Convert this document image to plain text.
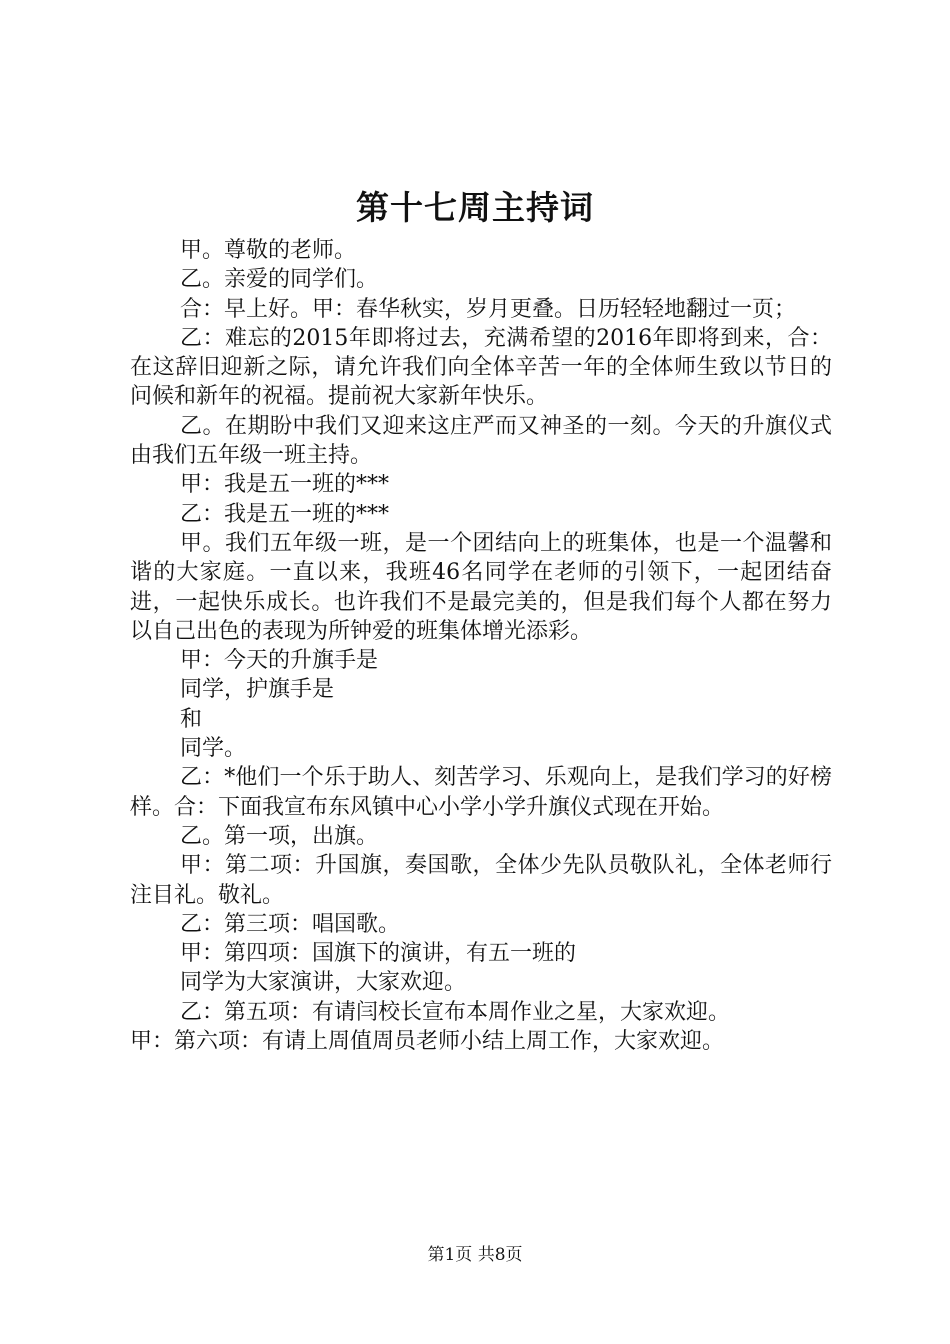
第十七周主持词

甲。尊敬的老师。

乙。亲爱的同学们。

合：早上好。甲：春华秋实，岁月更叠。日历轻轻地翻过一页；

乙：难忘的2015年即将过去，充满希望的2016年即将到来，合：在这辞旧迎新之际，请允许我们向全体辛苦一年的全体师生致以节日的问候和新年的祝福。提前祝大家新年快乐。

乙。在期盼中我们又迎来这庄严而又神圣的一刻。今天的升旗仪式由我们五年级一班主持。

甲：我是五一班的***

乙：我是五一班的***

甲。我们五年级一班，是一个团结向上的班集体，也是一个温馨和谐的大家庭。一直以来，我班46名同学在老师的引领下，一起团结奋进，一起快乐成长。也许我们不是最完美的，但是我们每个人都在努力以自己出色的表现为所钟爱的班集体增光添彩。

甲：今天的升旗手是

同学，护旗手是

和

同学。

乙：*他们一个乐于助人、刻苦学习、乐观向上，是我们学习的好榜样。合：下面我宣布东风镇中心小学小学升旗仪式现在开始。

乙。第一项，出旗。

甲：第二项：升国旗，奏国歌，全体少先队员敬队礼，全体老师行注目礼。敬礼。

乙：第三项：唱国歌。

甲：第四项：国旗下的演讲，有五一班的

同学为大家演讲，大家欢迎。

乙：第五项：有请闫校长宣布本周作业之星，大家欢迎。

甲：第六项：有请上周值周员老师小结上周工作，大家欢迎。

第1页 共8页
